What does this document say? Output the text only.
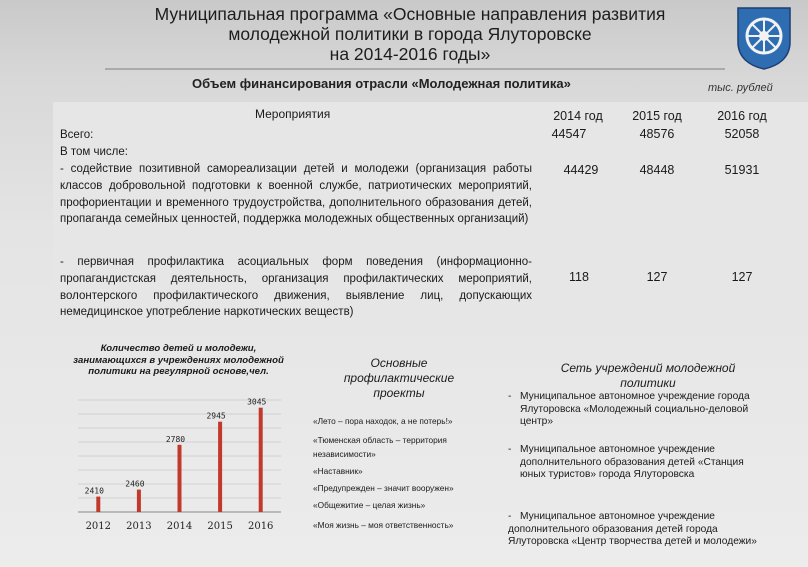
Муниципальная программа «Основные направления развития
молодежной политики в города Ялуторовске
на 2014-2016 годы»
Объем финансирования отрасли «Молодежная политика»	тыс. рублей
Мероприятия	2014 год	2015 год	2016 год
Всего:	44547	48576	52058
В том числе:
- содействие позитивной самореализации детей и молодежи (организация работы классов добровольной подготовки к военной службе, патриотических мероприятий, профориентации и временного трудоустройства, дополнительного образования детей, пропаганда семейных ценностей, поддержка молодежных общественных организаций)
44429	48448	51931
- первичная профилактика асоциальных форм поведения (информационно-пропагандистская деятельность, организация профилактических мероприятий, волонтерского профилактического движения, выявление лиц, допускающих немедицинское употребление наркотических веществ)
118	127	127
Количество детей и молодежи, занимающихся в учреждениях молодежной политики на регулярной основе,чел.
2410
2012
2460
2013
2780
2014
2945
2015
3045
2016
Основные профилактические проекты
«Лето – пора находок, а не потерь!»
«Тюменская область – территория
независимости»
«Наставник»
«Предупрежден – значит вооружен»
«Общежитие – целая жизнь»
«Моя жизнь – моя ответственность»
Сеть учреждений молодежной политики
- Муниципальное автономное учреждение города Ялуторовска «Молодежный социально-деловой центр»
- Муниципальное автономное учреждение дополнительного образования детей «Станция юных туристов» города Ялуторовска
- Муниципальное автономное учреждение дополнительного образования детей города Ялуторовска «Центр творчества детей и молодежи»
